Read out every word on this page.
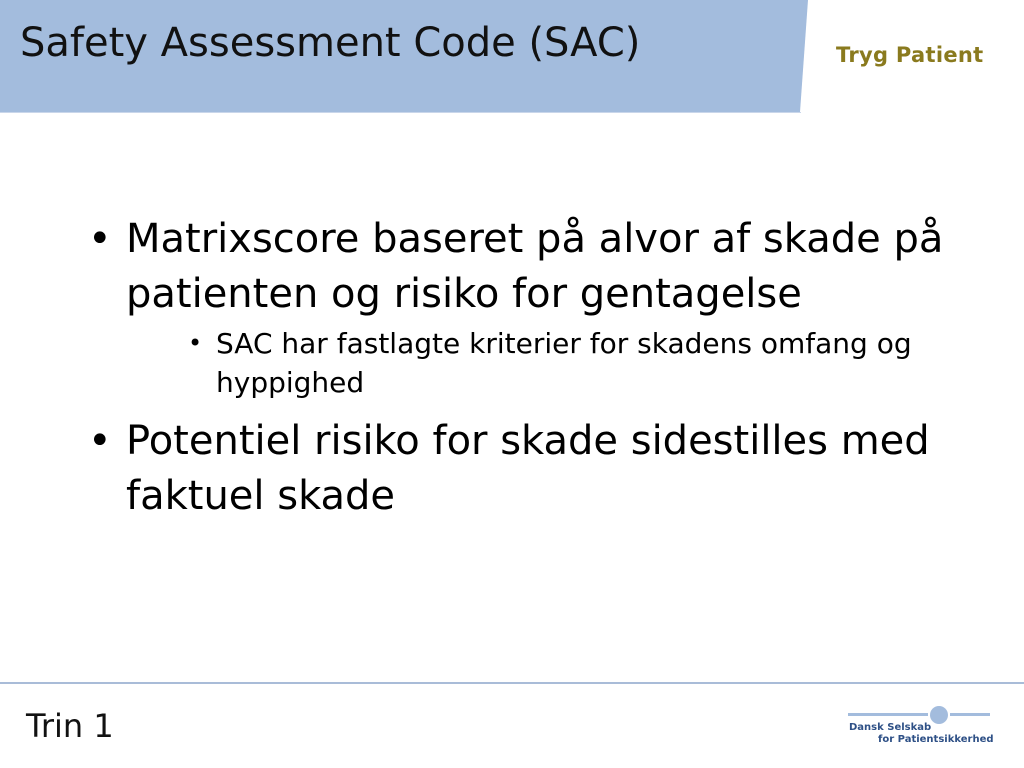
Safety Assessment Code (SAC)	Tryg Patient
• Matrixscore baseret på alvor af skade på patienten og risiko for gentagelse
• SAC har fastlagte kriterier for skadens omfang og hyppighed
• Potentiel risiko for skade sidestilles med faktuel skade
Trin 1	Dansk Selskab
for Patientsikkerhed
